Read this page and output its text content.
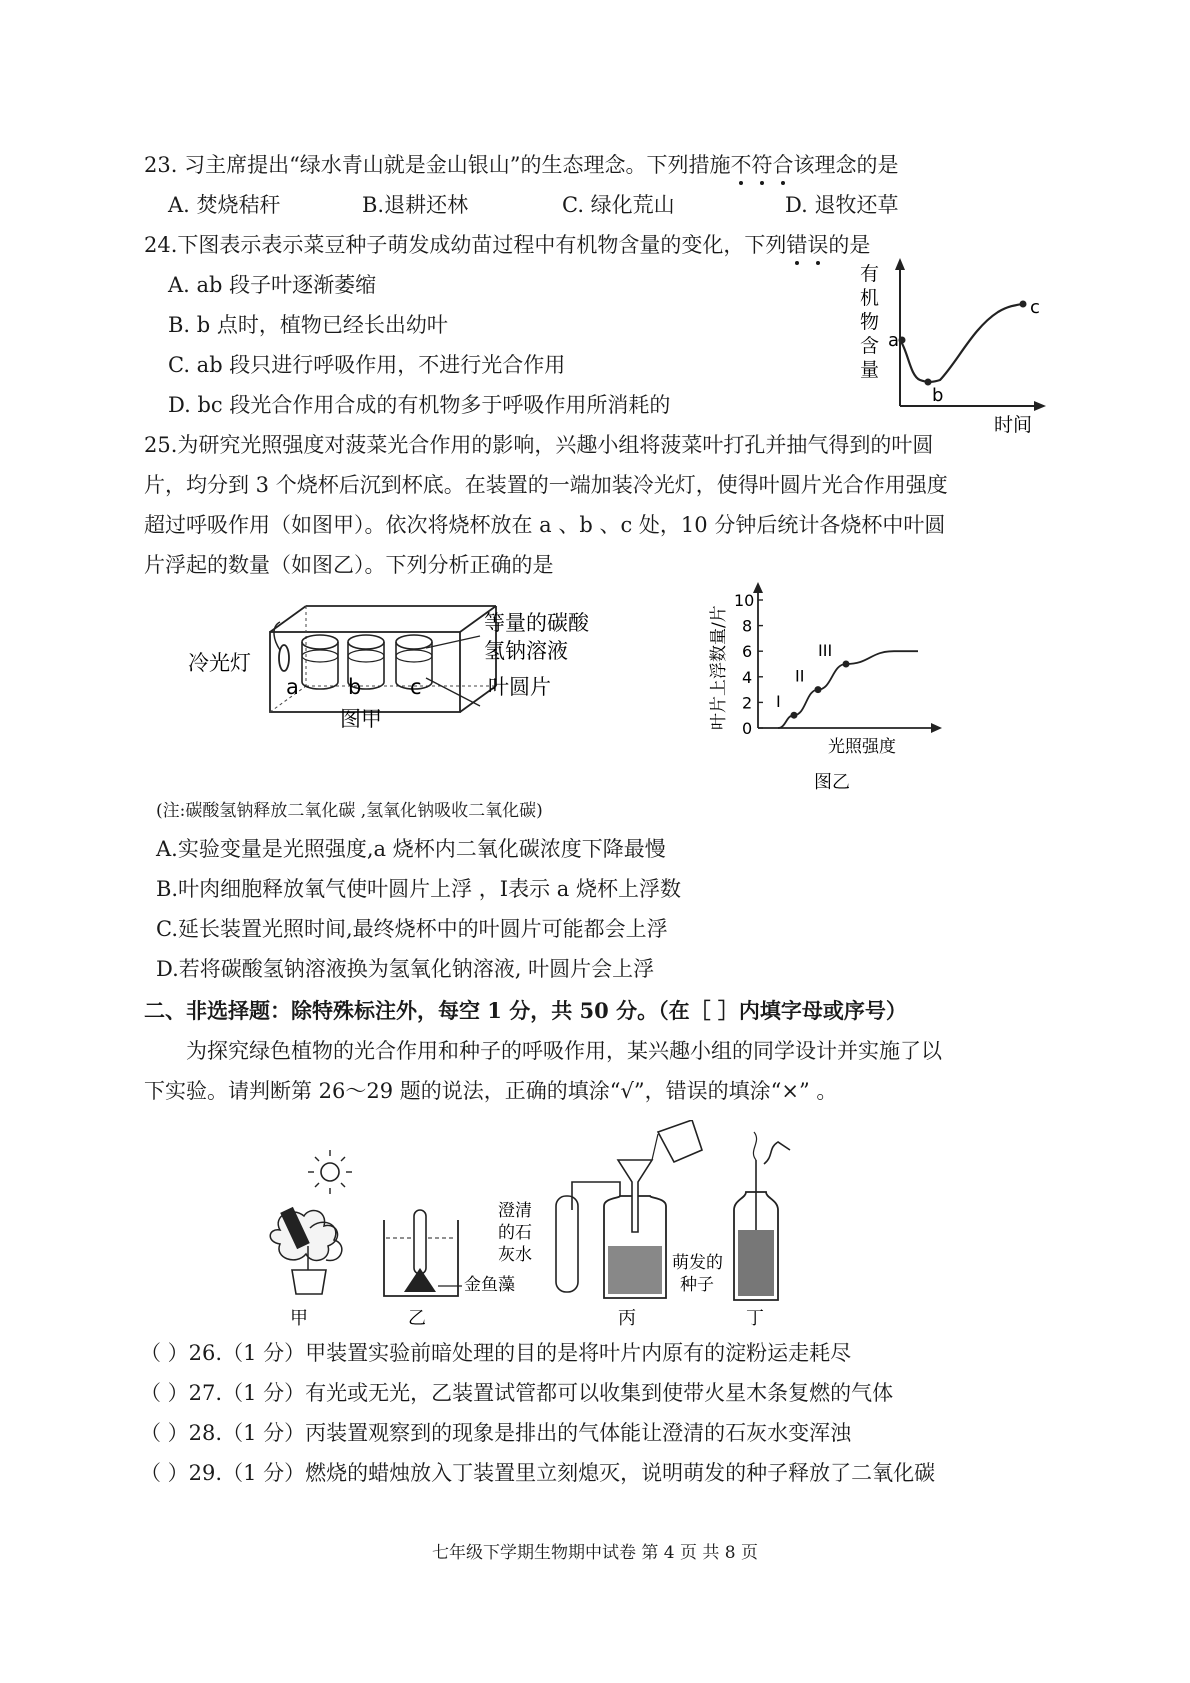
23. 习主席提出“绿水青山就是金山银山”的生态理念。下列措施不符合该理念的是
A. 焚烧秸秆	B.退耕还林	C. 绿化荒山	D. 退牧还草
24.下图表示表示菜豆种子萌发成幼苗过程中有机物含量的变化，下列错误的是
A. ab 段子叶逐渐萎缩
B. b 点时，植物已经长出幼叶
C. ab 段只进行呼吸作用，不进行光合作用
D. bc 段光合作用合成的有机物多于呼吸作用所消耗的
a
b
c
有
机
物
含
量
时间
25.为研究光照强度对菠菜光合作用的影响，兴趣小组将菠菜叶打孔并抽气得到的叶圆
片，均分到 3 个烧杯后沉到杯底。在装置的一端加装冷光灯，使得叶圆片光合作用强度
超过呼吸作用（如图甲）。依次将烧杯放在 a 、b 、c 处，10 分钟后统计各烧杯中叶圆
片浮起的数量（如图乙）。下列分析正确的是
冷光灯
a b c
等量的碳酸
氢钠溶液
叶圆片
图甲	0
2
4
6
8
10
I
II
III
叶片上浮数量/片
光照强度
图乙
(注:碳酸氢钠释放二氧化碳 ,氢氧化钠吸收二氧化碳)
A.实验变量是光照强度,a 烧杯内二氧化碳浓度下降最慢
B.叶肉细胞释放氧气使叶圆片上浮 ，Ⅰ表示 a 烧杯上浮数
C.延长装置光照时间,最终烧杯中的叶圆片可能都会上浮
D.若将碳酸氢钠溶液换为氢氧化钠溶液, 叶圆片会上浮
二、非选择题：除特殊标注外，每空 1 分，共 50 分。（在［ ］内填字母或序号）
为探究绿色植物的光合作用和种子的呼吸作用，某兴趣小组的同学设计并实施了以
下实验。请判断第 26～29 题的说法，正确的填涂“√”，错误的填涂“×” 。
甲	乙	丙	丁
金鱼藻
澄清
的石
灰水	萌发的
种子
（ ）26.（1 分）甲装置实验前暗处理的目的是将叶片内原有的淀粉运走耗尽
（ ）27.（1 分）有光或无光，乙装置试管都可以收集到使带火星木条复燃的气体
（ ）28.（1 分）丙装置观察到的现象是排出的气体能让澄清的石灰水变浑浊
（ ）29.（1 分）燃烧的蜡烛放入丁装置里立刻熄灭，说明萌发的种子释放了二氧化碳
七年级下学期生物期中试卷 第 4 页 共 8 页
